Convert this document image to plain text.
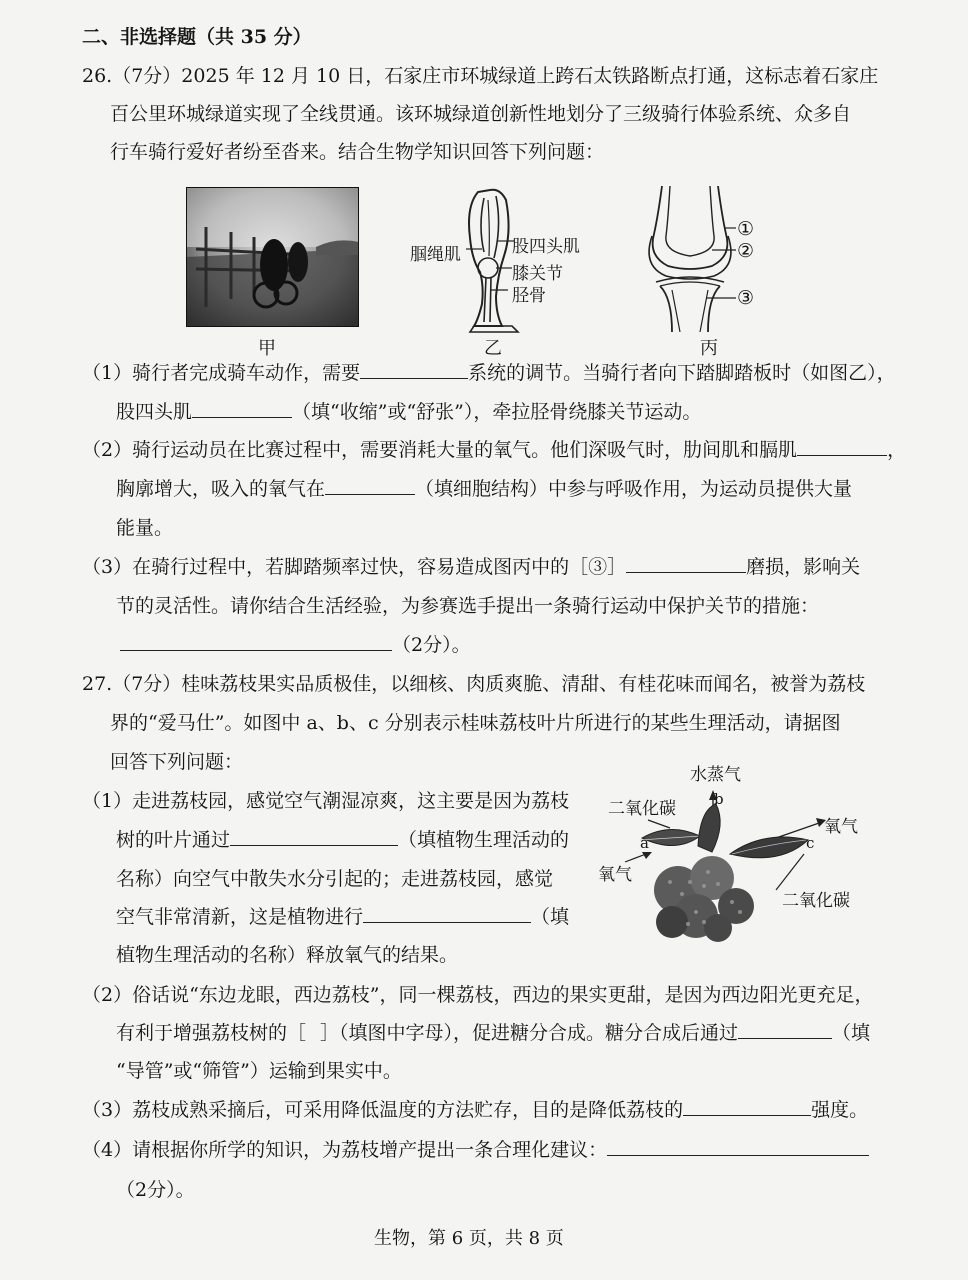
二、非选择题（共 35 分）
26.（7分）2025 年 12 月 10 日，石家庄市环城绿道上跨石太铁路断点打通，这标志着石家庄
百公里环城绿道实现了全线贯通。该环城绿道创新性地划分了三级骑行体验系统、众多自
行车骑行爱好者纷至沓来。结合生物学知识回答下列问题：
甲
腘绳肌	股四头肌
膝关节
胫骨
乙
①
②
③
丙
（1）骑行者完成骑车动作，需要	系统的调节。当骑行者向下踏脚踏板时（如图乙），
股四头肌	（填“收缩”或“舒张”），牵拉胫骨绕膝关节运动。
（2）骑行运动员在比赛过程中，需要消耗大量的氧气。他们深吸气时，肋间肌和膈肌	，
胸廓增大，吸入的氧气在	（填细胞结构）中参与呼吸作用，为运动员提供大量
能量。
（3）在骑行过程中，若脚踏频率过快，容易造成图丙中的［③］	磨损，影响关
节的灵活性。请你结合生活经验，为参赛选手提出一条骑行运动中保护关节的措施：
（2分）。
27.（7分）桂味荔枝果实品质极佳，以细核、肉质爽脆、清甜、有桂花味而闻名，被誉为荔枝
界的“爱马仕”。如图中 a、b、c 分别表示桂味荔枝叶片所进行的某些生理活动，请据图
回答下列问题：
水蒸气
二氧化碳	b
氧气
a
氧气
c
二氧化碳
（1）走进荔枝园，感觉空气潮湿凉爽，这主要是因为荔枝
树的叶片通过	（填植物生理活动的
名称）向空气中散失水分引起的；走进荔枝园，感觉
空气非常清新，这是植物进行	（填
植物生理活动的名称）释放氧气的结果。
（2）俗话说“东边龙眼，西边荔枝”，同一棵荔枝，西边的果实更甜，是因为西边阳光更充足，
有利于增强荔枝树的［ ］（填图中字母），促进糖分合成。糖分合成后通过	（填
“导管”或“筛管”）运输到果实中。
（3）荔枝成熟采摘后，可采用降低温度的方法贮存，目的是降低荔枝的	强度。
（4）请根据你所学的知识，为荔枝增产提出一条合理化建议：
（2分）。
生物，第 6 页，共 8 页
